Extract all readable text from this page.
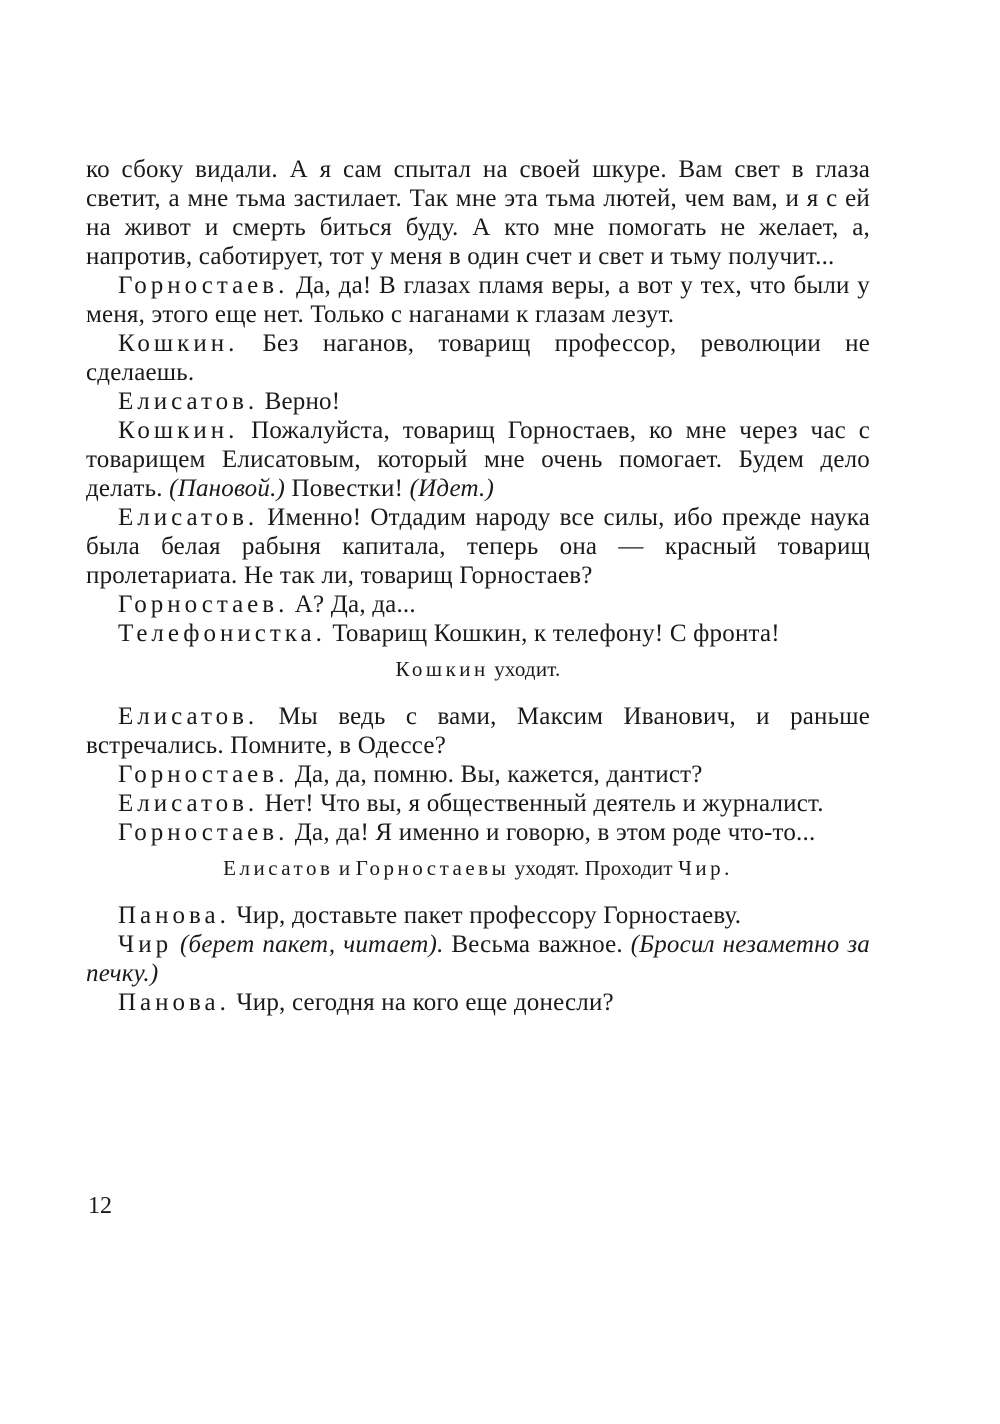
ко сбоку видали. А я сам спытал на своей шкуре. Вам свет в глаза светит, а мне тьма застилает. Так мне эта тьма лютей, чем вам, и я с ей на живот и смерть биться буду. А кто мне помогать не желает, а, напротив, саботирует, тот у меня в один счет и свет и тьму получит...

Горностаев. Да, да! В глазах пламя веры, а вот у тех, что были у меня, этого еще нет. Только с наганами к глазам лезут.

Кошкин. Без наганов, товарищ профессор, революции не сделаешь.

Елисатов. Верно!

Кошкин. Пожалуйста, товарищ Горностаев, ко мне через час с товарищем Елисатовым, который мне очень помогает. Будем дело делать. (Пановой.) Повестки! (Идет.)

Елисатов. Именно! Отдадим народу все силы, ибо прежде наука была белая рабыня капитала, теперь она — красный товарищ пролетариата. Не так ли, товарищ Горностаев?

Горностаев. А? Да, да...

Телефонистка. Товарищ Кошкин, к телефону! С фронта!

Кошкин уходит.

Елисатов. Мы ведь с вами, Максим Иванович, и раньше встречались. Помните, в Одессе?

Горностаев. Да, да, помню. Вы, кажется, дантист?

Елисатов. Нет! Что вы, я общественный деятель и журналист.

Горностаев. Да, да! Я именно и говорю, в этом роде что-то...

Елисатов и Горностаевы уходят. Проходит Чир.

Панова. Чир, доставьте пакет профессору Горностаеву.

Чир (берет пакет, читает). Весьма важное. (Бросил незаметно за печку.)

Панова. Чир, сегодня на кого еще донесли?

12
